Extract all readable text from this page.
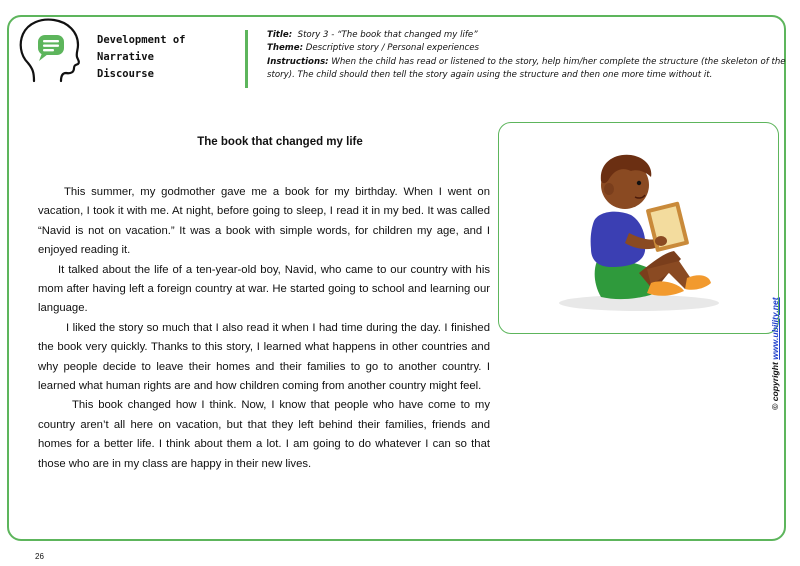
Development of Narrative
Discourse

Title: Story 3 - “The book that changed my life”

Theme: Descriptive story / Personal experiences

Instructions: When the child has read or listened to the story, help him/her complete the structure (the skeleton of the story). The child should then tell the story again using the structure and then one more time without it.

The book that changed my life

This summer, my godmother gave me a book for my birthday. When I went on vacation, I took it with me. At night, before going to sleep, I read it in my bed. It was called “Navid is not on vacation.” It was a book with simple words, for children my age, and I enjoyed reading it.

It talked about the life of a ten-year-old boy, Navid, who came to our country with his mom after having left a foreign country at war. He started going to school and learning our language.

I liked the story so much that I also read it when I had time during the day. I finished the book very quickly. Thanks to this story, I learned what happens in other countries and why people decide to leave their homes and their families to go to another country. I learned what human rights are and how children coming from another country might feel.

This book changed how I think. Now, I know that people who have come to my country aren’t all here on vacation, but that they left behind their families, friends and homes for a better life. I think about them a lot. I am going to do whatever I can so that those who are in my class are happy in their new lives.

© copyright www.ubility.net
26
